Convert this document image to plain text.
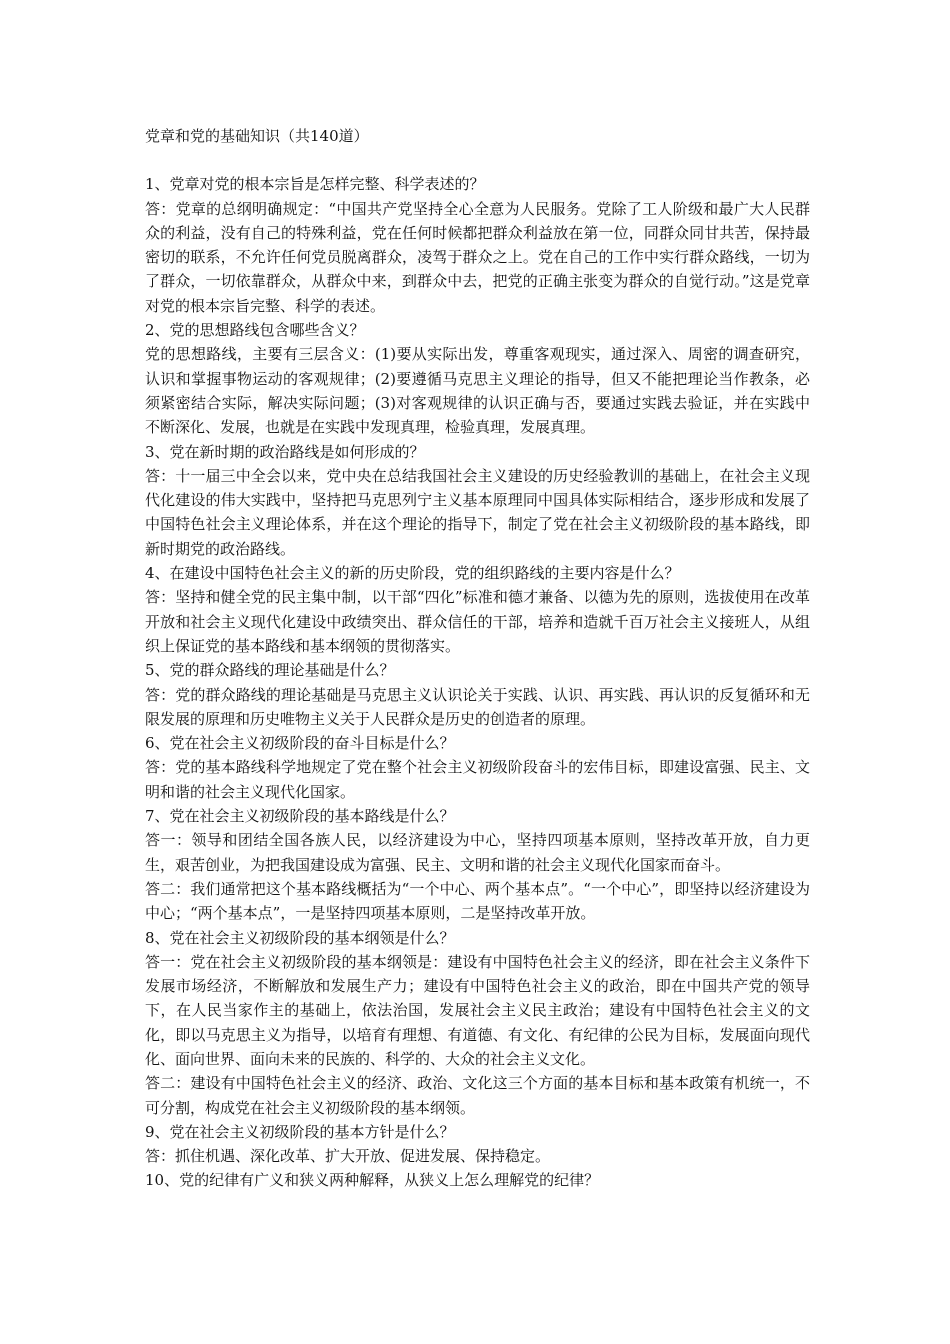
党章和党的基础知识（共140道）

1、党章对党的根本宗旨是怎样完整、科学表述的？

答：党章的总纲明确规定：“中国共产党坚持全心全意为人民服务。党除了工人阶级和最广大人民群众的利益，没有自己的特殊利益，党在任何时候都把群众利益放在第一位，同群众同甘共苦，保持最密切的联系，不允许任何党员脱离群众，凌驾于群众之上。党在自己的工作中实行群众路线，一切为了群众，一切依靠群众，从群众中来，到群众中去，把党的正确主张变为群众的自觉行动。”这是党章对党的根本宗旨完整、科学的表述。

2、党的思想路线包含哪些含义？

党的思想路线，主要有三层含义：(1)要从实际出发，尊重客观现实，通过深入、周密的调查研究，认识和掌握事物运动的客观规律；(2)要遵循马克思主义理论的指导，但又不能把理论当作教条，必须紧密结合实际，解决实际问题；(3)对客观规律的认识正确与否，要通过实践去验证，并在实践中不断深化、发展，也就是在实践中发现真理，检验真理，发展真理。

3、党在新时期的政治路线是如何形成的？

答：十一届三中全会以来，党中央在总结我国社会主义建设的历史经验教训的基础上，在社会主义现代化建设的伟大实践中，坚持把马克思列宁主义基本原理同中国具体实际相结合，逐步形成和发展了中国特色社会主义理论体系，并在这个理论的指导下，制定了党在社会主义初级阶段的基本路线，即新时期党的政治路线。

4、在建设中国特色社会主义的新的历史阶段，党的组织路线的主要内容是什么？

答：坚持和健全党的民主集中制，以干部“四化”标准和德才兼备、以德为先的原则，选拔使用在改革开放和社会主义现代化建设中政绩突出、群众信任的干部，培养和造就千百万社会主义接班人，从组织上保证党的基本路线和基本纲领的贯彻落实。

5、党的群众路线的理论基础是什么？

答：党的群众路线的理论基础是马克思主义认识论关于实践、认识、再实践、再认识的反复循环和无限发展的原理和历史唯物主义关于人民群众是历史的创造者的原理。

6、党在社会主义初级阶段的奋斗目标是什么？

答：党的基本路线科学地规定了党在整个社会主义初级阶段奋斗的宏伟目标，即建设富强、民主、文明和谐的社会主义现代化国家。

7、党在社会主义初级阶段的基本路线是什么？

答一：领导和团结全国各族人民，以经济建设为中心，坚持四项基本原则，坚持改革开放，自力更生，艰苦创业，为把我国建设成为富强、民主、文明和谐的社会主义现代化国家而奋斗。

答二：我们通常把这个基本路线概括为“一个中心、两个基本点”。“一个中心”，即坚持以经济建设为中心；“两个基本点”，一是坚持四项基本原则，二是坚持改革开放。

8、党在社会主义初级阶段的基本纲领是什么？

答一：党在社会主义初级阶段的基本纲领是：建设有中国特色社会主义的经济，即在社会主义条件下发展市场经济，不断解放和发展生产力；建设有中国特色社会主义的政治，即在中国共产党的领导下，在人民当家作主的基础上，依法治国，发展社会主义民主政治；建设有中国特色社会主义的文化，即以马克思主义为指导，以培育有理想、有道德、有文化、有纪律的公民为目标，发展面向现代化、面向世界、面向未来的民族的、科学的、大众的社会主义文化。

答二：建设有中国特色社会主义的经济、政治、文化这三个方面的基本目标和基本政策有机统一，不可分割，构成党在社会主义初级阶段的基本纲领。

9、党在社会主义初级阶段的基本方针是什么？

答：抓住机遇、深化改革、扩大开放、促进发展、保持稳定。

10、党的纪律有广义和狭义两种解释，从狭义上怎么理解党的纪律？
